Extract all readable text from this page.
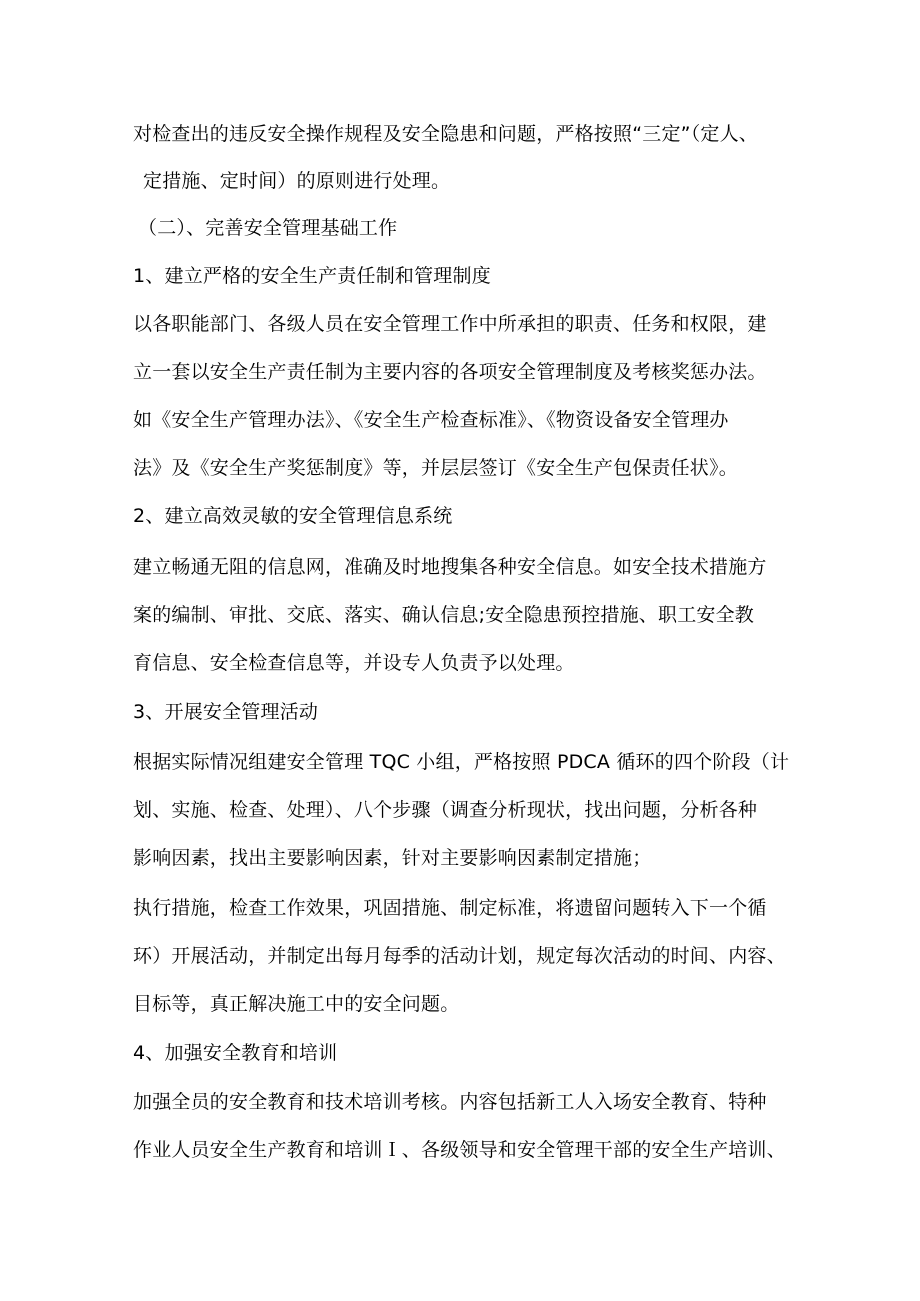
对检查出的违反安全操作规程及安全隐患和问题，严格按照“三定”（定人、
定措施、定时间）的原则进行处理。
（二）、完善安全管理基础工作
1、建立严格的安全生产责任制和管理制度
以各职能部门、各级人员在安全管理工作中所承担的职责、任务和权限，建
立一套以安全生产责任制为主要内容的各项安全管理制度及考核奖惩办法。
如《安全生产管理办法》、《安全生产检查标准》、《物资设备安全管理办
法》及《安全生产奖惩制度》等，并层层签订《安全生产包保责任状》。
2、建立高效灵敏的安全管理信息系统
建立畅通无阻的信息网，准确及时地搜集各种安全信息。如安全技术措施方
案的编制、审批、交底、落实、确认信息;安全隐患预控措施、职工安全教
育信息、安全检查信息等，并设专人负责予以处理。
3、开展安全管理活动
根据实际情况组建安全管理 TQC 小组，严格按照 PDCA 循环的四个阶段（计
划、实施、检查、处理）、八个步骤（调查分析现状，找出问题，分析各种
影响因素，找出主要影响因素，针对主要影响因素制定措施；
执行措施，检查工作效果，巩固措施、制定标准，将遗留问题转入下一个循
环）开展活动，并制定出每月每季的活动计划，规定每次活动的时间、内容、
目标等，真正解决施工中的安全问题。
4、加强安全教育和培训
加强全员的安全教育和技术培训考核。内容包括新工人入场安全教育、特种
作业人员安全生产教育和培训Ｉ、各级领导和安全管理干部的安全生产培训、
